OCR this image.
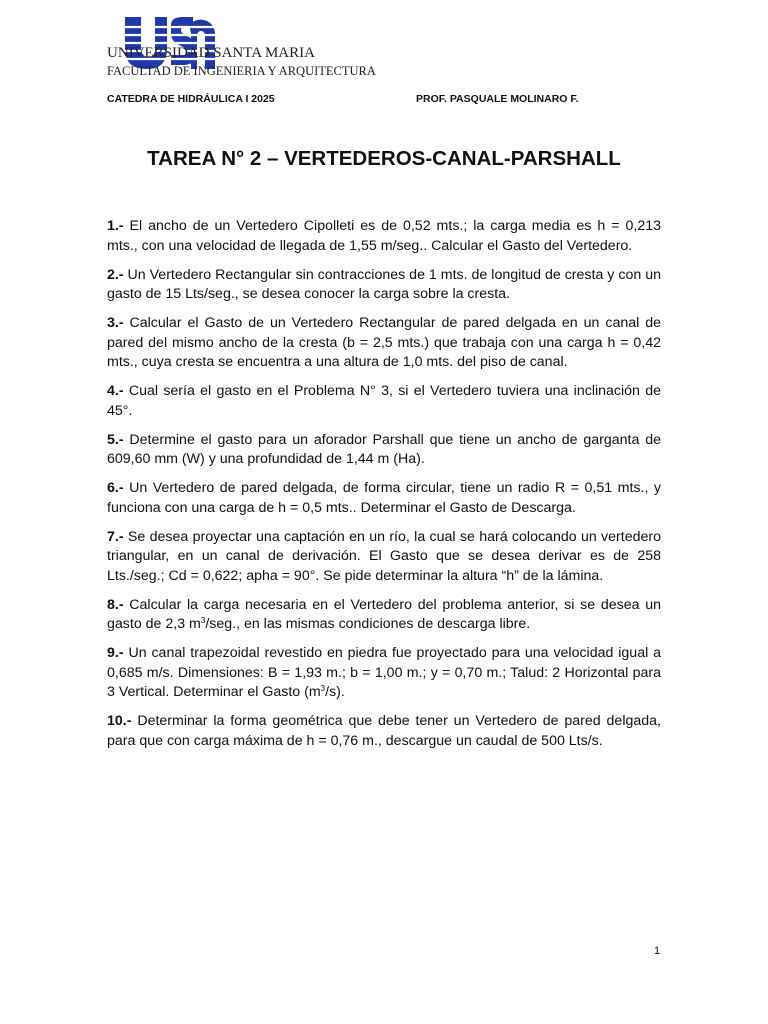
UNIVERSIDAD SANTA MARIA
FACULTAD DE INGENIERIA Y ARQUITECTURA
CATEDRA DE HIDRÁULICA I 2025	PROF. PASQUALE MOLINARO F.
TAREA N° 2 – VERTEDEROS-CANAL-PARSHALL

1.- El ancho de un Vertedero Cipolleti es de 0,52 mts.; la carga media es h = 0,213 mts., con una velocidad de llegada de 1,55 m/seg.. Calcular el Gasto del Vertedero.

2.- Un Vertedero Rectangular sin contracciones de 1 mts. de longitud de cresta y con un gasto de 15 Lts/seg., se desea conocer la carga sobre la cresta.

3.- Calcular el Gasto de un Vertedero Rectangular de pared delgada en un canal de pared del mismo ancho de la cresta (b = 2,5 mts.) que trabaja con una carga h = 0,42 mts., cuya cresta se encuentra a una altura de 1,0 mts. del piso de canal.

4.- Cual sería el gasto en el Problema N° 3, si el Vertedero tuviera una inclinación de 45°.

5.- Determine el gasto para un aforador Parshall que tiene un ancho de garganta de 609,60 mm (W) y una profundidad de 1,44 m (Ha).

6.- Un Vertedero de pared delgada, de forma circular, tiene un radio R = 0,51 mts., y funciona con una carga de h = 0,5 mts.. Determinar el Gasto de Descarga.

7.- Se desea proyectar una captación en un río, la cual se hará colocando un vertedero triangular, en un canal de derivación. El Gasto que se desea derivar es de 258 Lts./seg.; Cd = 0,622; apha = 90°. Se pide determinar la altura “h” de la lámina.

8.- Calcular la carga necesaria en el Vertedero del problema anterior, si se desea un gasto de 2,3 $m^3$/seg., en las mismas condiciones de descarga libre.

9.- Un canal trapezoidal revestido en piedra fue proyectado para una velocidad igual a 0,685 m/s. Dimensiones: B = 1,93 m.; b = 1,00 m.; y = 0,70 m.; Talud: 2 Horizontal para 3 Vertical. Determinar el Gasto $(m^3/s)$.

10.- Determinar la forma geométrica que debe tener un Vertedero de pared delgada, para que con carga máxima de h = 0,76 m., descargue un caudal de 500 Lts/s.

1
